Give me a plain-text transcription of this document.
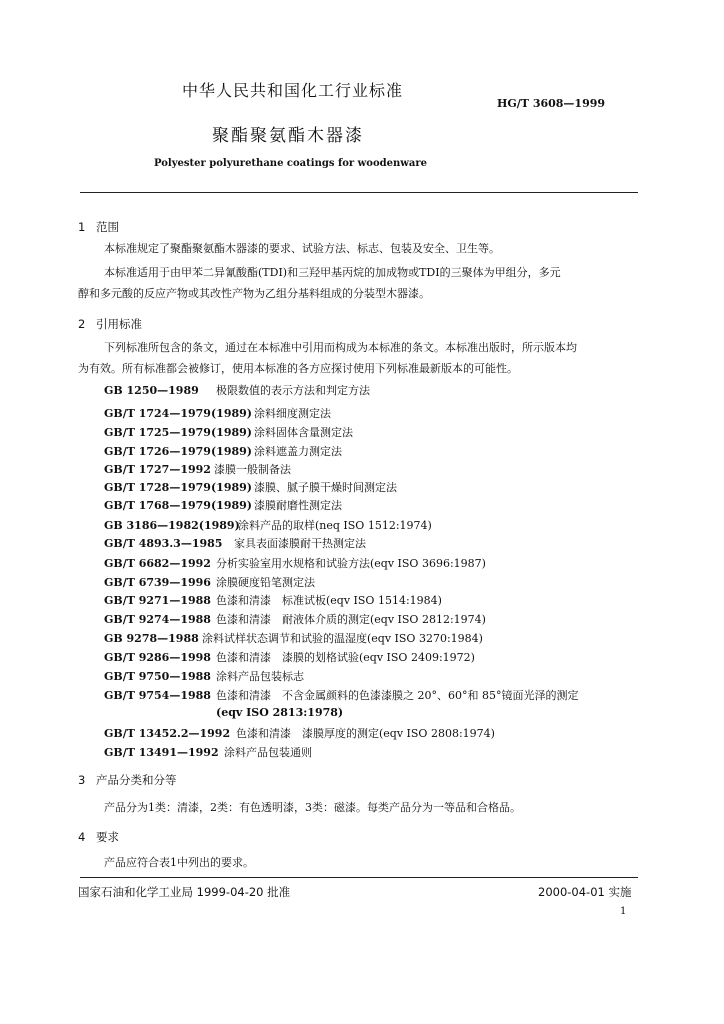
中华人民共和国化工行业标准
HG/T 3608—1999
聚酯聚氨酯木器漆
Polyester polyurethane coatings for woodenware
1 范围
本标准规定了聚酯聚氨酯木器漆的要求、试验方法、标志、包装及安全、卫生等。
本标准适用于由甲苯二异氰酸酯(TDI)和三羟甲基丙烷的加成物或TDI的三聚体为甲组分，多元
醇和多元酸的反应产物或其改性产物为乙组分基料组成的分装型木器漆。
2 引用标准
下列标准所包含的条文，通过在本标准中引用而构成为本标准的条文。本标准出版时，所示版本均
为有效。所有标准都会被修订，使用本标准的各方应探讨使用下列标准最新版本的可能性。
GB 1250—1989 极限数值的表示方法和判定方法
GB/T 1724—1979(1989) 涂料细度测定法
GB/T 1725—1979(1989) 涂料固体含量测定法
GB/T 1726—1979(1989) 涂料遮盖力测定法
GB/T 1727—1992 漆膜一般制备法
GB/T 1728—1979(1989) 漆膜、腻子膜干燥时间测定法
GB/T 1768—1979(1989) 漆膜耐磨性测定法
GB 3186—1982(1989)涂料产品的取样(neq ISO 1512:1974)
GB/T 4893.3—1985 家具表面漆膜耐干热测定法
GB/T 6682—1992 分析实验室用水规格和试验方法(eqv ISO 3696:1987)
GB/T 6739—1996 涂膜硬度铅笔测定法
GB/T 9271—1988 色漆和清漆　标准试板(eqv ISO 1514:1984)
GB/T 9274—1988 色漆和清漆　耐液体介质的测定(eqv ISO 2812:1974)
GB 9278—1988 涂料试样状态调节和试验的温湿度(eqv ISO 3270:1984)
GB/T 9286—1998 色漆和清漆　漆膜的划格试验(eqv ISO 2409:1972)
GB/T 9750—1988 涂料产品包装标志
GB/T 9754—1988 色漆和清漆　不含金属颜料的色漆漆膜之 20°、60°和 85°镜面光泽的测定
(eqv ISO 2813:1978)
GB/T 13452.2—1992 色漆和清漆　漆膜厚度的测定(eqv ISO 2808:1974)
GB/T 13491—1992 涂料产品包装通则
3 产品分类和分等
产品分为1类：清漆，2类：有色透明漆，3类：磁漆。每类产品分为一等品和合格品。
4 要求
产品应符合表1中列出的要求。
国家石油和化学工业局 1999-04-20 批准	2000-04-01 实施
1
